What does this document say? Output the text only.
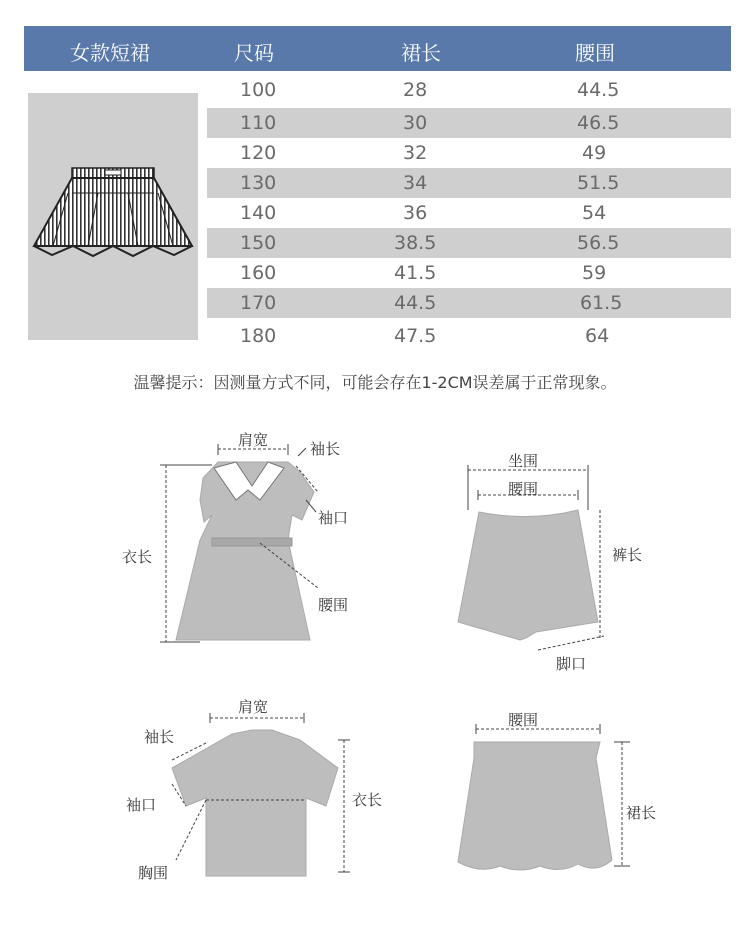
女款短裙	尺码	裙长	腰围
100	28	44.5
110	30	46.5
120	32	49
130	34	51.5
140	36	54
150	38.5	56.5
160	41.5	59
170	44.5	61.5
180	47.5	64
温馨提示：因测量方式不同，可能会存在1-2CM误差属于正常现象。
肩宽	袖长
袖口
衣长
腰围
坐围
腰围
裤长
脚口
肩宽
袖长
袖口	衣长
胸围
腰围
裙长
